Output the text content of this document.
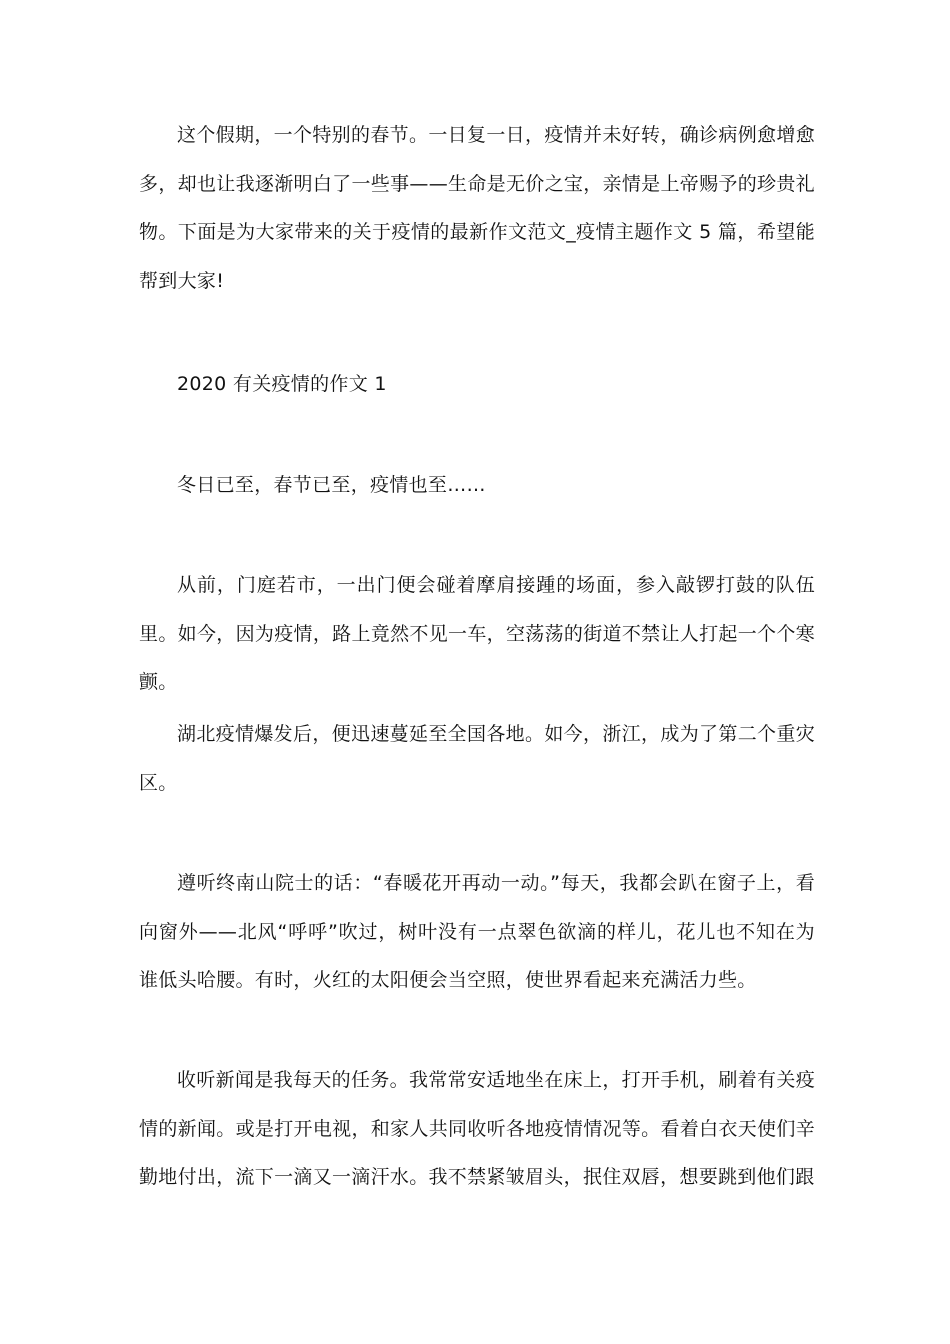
这个假期，一个特别的春节。一日复一日，疫情并未好转，确诊病例愈增愈多，却也让我逐渐明白了一些事——生命是无价之宝，亲情是上帝赐予的珍贵礼物。下面是为大家带来的关于疫情的最新作文范文_疫情主题作文 5 篇，希望能帮到大家!

2020 有关疫情的作文 1

冬日已至，春节已至，疫情也至……

从前，门庭若市，一出门便会碰着摩肩接踵的场面，参入敲锣打鼓的队伍里。如今，因为疫情，路上竟然不见一车，空荡荡的街道不禁让人打起一个个寒颤。

湖北疫情爆发后，便迅速蔓延至全国各地。如今，浙江，成为了第二个重灾区。

遵听终南山院士的话：“春暖花开再动一动。”每天，我都会趴在窗子上，看向窗外——北风“呼呼”吹过，树叶没有一点翠色欲滴的样儿，花儿也不知在为谁低头哈腰。有时，火红的太阳便会当空照，使世界看起来充满活力些。

收听新闻是我每天的任务。我常常安适地坐在床上，打开手机，刷着有关疫情的新闻。或是打开电视，和家人共同收听各地疫情情况等。看着白衣天使们辛勤地付出，流下一滴又一滴汗水。我不禁紧皱眉头，抿住双唇，想要跳到他们跟
